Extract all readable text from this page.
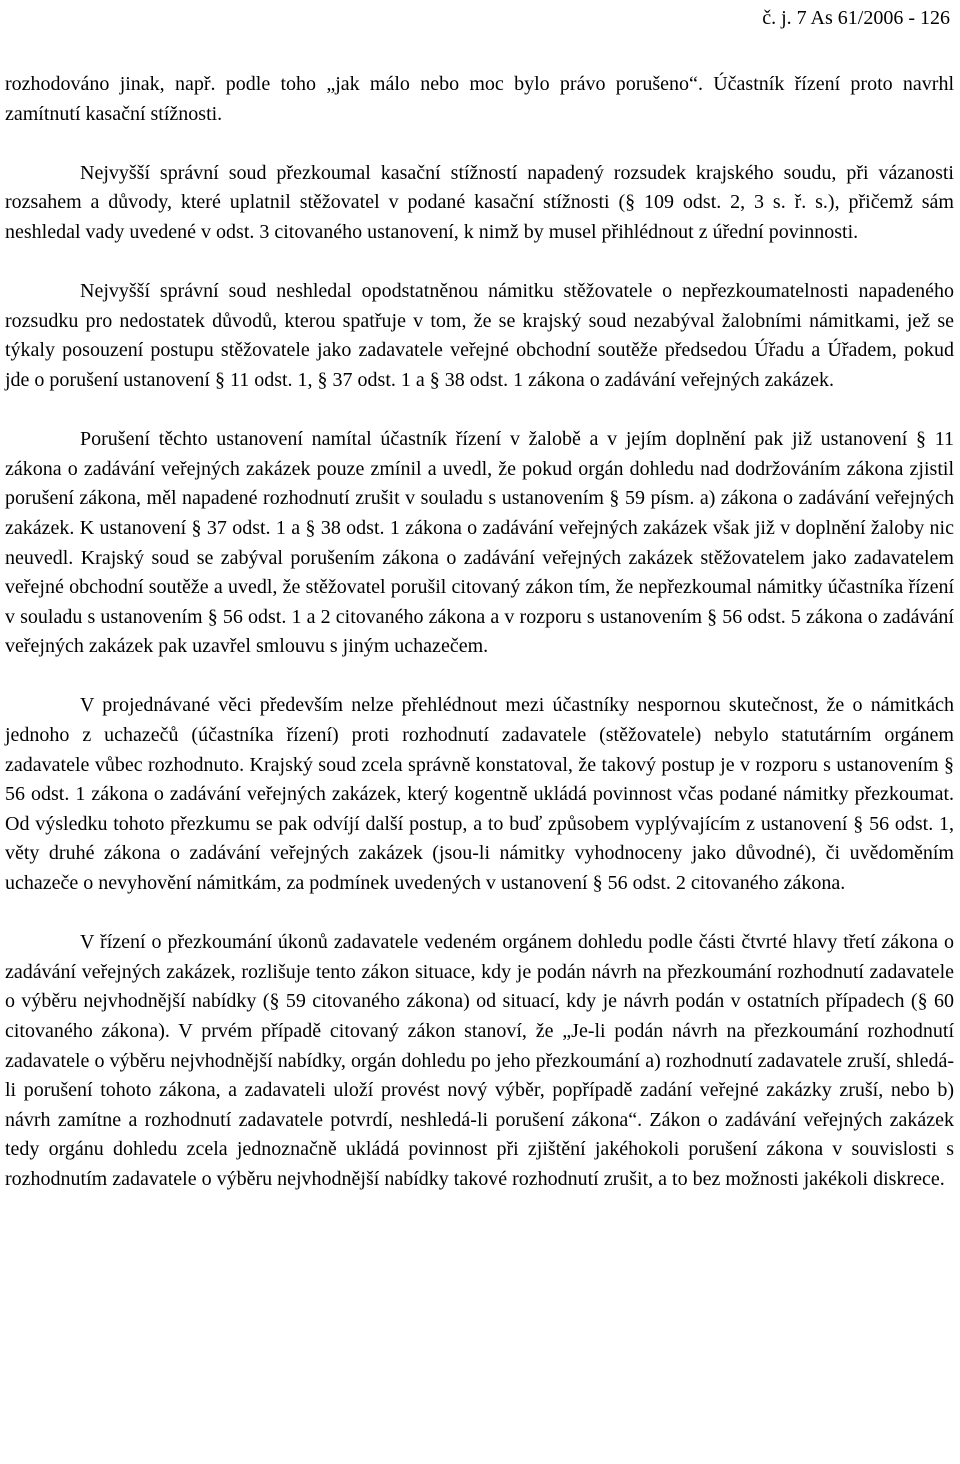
č. j. 7 As 61/2006 - 126

rozhodováno jinak, např. podle toho „jak málo nebo moc bylo právo porušeno“. Účastník řízení proto navrhl zamítnutí kasační stížnosti.

Nejvyšší správní soud přezkoumal kasační stížností napadený rozsudek krajského soudu, při vázanosti rozsahem a důvody, které uplatnil stěžovatel v podané kasační stížnosti (§ 109 odst. 2, 3 s. ř. s.), přičemž sám neshledal vady uvedené v odst. 3 citovaného ustanovení, k nimž by musel přihlédnout z úřední povinnosti.

Nejvyšší správní soud neshledal opodstatněnou námitku stěžovatele o nepřezkoumatelnosti napadeného rozsudku pro nedostatek důvodů, kterou spatřuje v tom, že se krajský soud nezabýval žalobními námitkami, jež se týkaly posouzení postupu stěžovatele jako zadavatele veřejné obchodní soutěže předsedou Úřadu a Úřadem, pokud jde o porušení ustanovení § 11 odst. 1, § 37 odst. 1 a § 38 odst. 1 zákona o zadávání veřejných zakázek.

Porušení těchto ustanovení namítal účastník řízení v žalobě a v jejím doplnění pak již ustanovení § 11 zákona o zadávání veřejných zakázek pouze zmínil a uvedl, že pokud orgán dohledu nad dodržováním zákona zjistil porušení zákona, měl napadené rozhodnutí zrušit v souladu s ustanovením § 59 písm. a) zákona o zadávání veřejných zakázek. K ustanovení § 37 odst. 1 a § 38 odst. 1 zákona o zadávání veřejných zakázek však již v doplnění žaloby nic neuvedl. Krajský soud se zabýval porušením zákona o zadávání veřejných zakázek stěžovatelem jako zadavatelem veřejné obchodní soutěže a uvedl, že stěžovatel porušil citovaný zákon tím, že nepřezkoumal námitky účastníka řízení v souladu s ustanovením § 56 odst. 1 a 2 citovaného zákona a v rozporu s ustanovením § 56 odst. 5 zákona o zadávání veřejných zakázek pak uzavřel smlouvu s jiným uchazečem.

V projednávané věci především nelze přehlédnout mezi účastníky nespornou skutečnost, že o námitkách jednoho z uchazečů (účastníka řízení) proti rozhodnutí zadavatele (stěžovatele) nebylo statutárním orgánem zadavatele vůbec rozhodnuto. Krajský soud zcela správně konstatoval, že takový postup je v rozporu s ustanovením § 56 odst. 1 zákona o zadávání veřejných zakázek, který kogentně ukládá povinnost včas podané námitky přezkoumat. Od výsledku tohoto přezkumu se pak odvíjí další postup, a to buď způsobem vyplývajícím z ustanovení § 56 odst. 1, věty druhé zákona o zadávání veřejných zakázek (jsou-li námitky vyhodnoceny jako důvodné), či uvědoměním uchazeče o nevyhovění námitkám, za podmínek uvedených v ustanovení § 56 odst. 2 citovaného zákona.

V řízení o přezkoumání úkonů zadavatele vedeném orgánem dohledu podle části čtvrté hlavy třetí zákona o zadávání veřejných zakázek, rozlišuje tento zákon situace, kdy je podán návrh na přezkoumání rozhodnutí zadavatele o výběru nejvhodnější nabídky (§ 59 citovaného zákona) od situací, kdy je návrh podán v ostatních případech (§ 60 citovaného zákona). V prvém případě citovaný zákon stanoví, že „Je-li podán návrh na přezkoumání rozhodnutí zadavatele o výběru nejvhodnější nabídky, orgán dohledu po jeho přezkoumání a) rozhodnutí zadavatele zruší, shledá-li porušení tohoto zákona, a zadavateli uloží provést nový výběr, popřípadě zadání veřejné zakázky zruší, nebo b) návrh zamítne a rozhodnutí zadavatele potvrdí, neshledá-li porušení zákona“. Zákon o zadávání veřejných zakázek tedy orgánu dohledu zcela jednoznačně ukládá povinnost při zjištění jakéhokoli porušení zákona v souvislosti s rozhodnutím zadavatele o výběru nejvhodnější nabídky takové rozhodnutí zrušit, a to bez možnosti jakékoli diskrece.
